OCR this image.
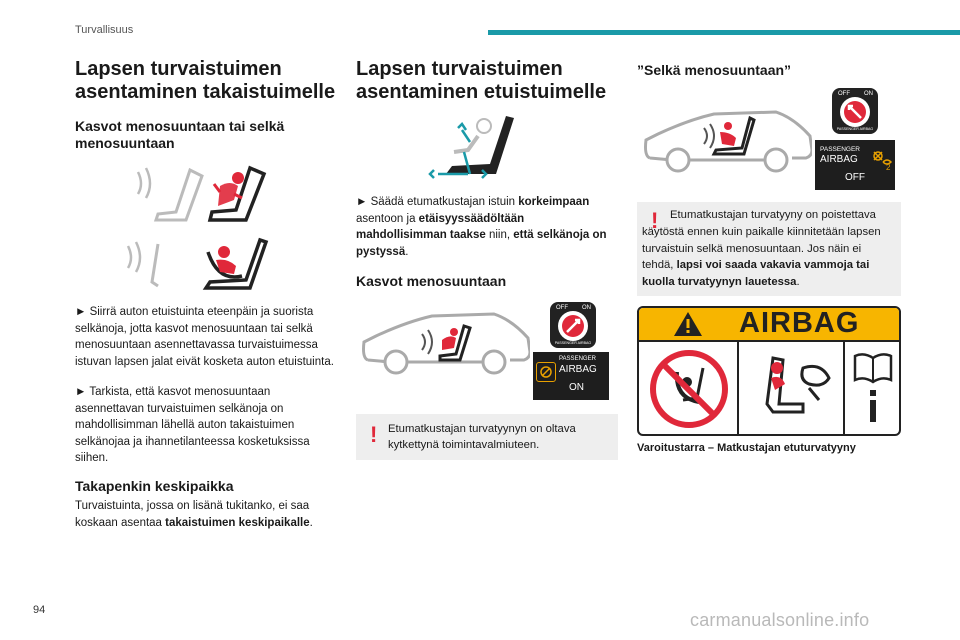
Turvallisuus
94	carmanualsonline.info
Lapsen turvaistuimen asentaminen takaistuimelle
Kasvot menosuuntaan tai selkä menosuuntaan
► Siirrä auton etuistuinta eteenpäin ja suorista selkänoja, jotta kasvot menosuuntaan tai selkä menosuuntaan asennettavassa turvaistuimessa istuvan lapsen jalat eivät kosketa auton etuistuinta.
► Tarkista, että kasvot menosuuntaan asennettavan turvaistuimen selkänoja on mahdollisimman lähellä auton takaistuimen selkänojaa ja ihannetilanteessa kosketuksissa siihen.
Takapenkin keskipaikka
Turvaistuinta, jossa on lisänä tukitanko, ei saa koskaan asentaa takaistuimen keskipaikalle.
Lapsen turvaistuimen asentaminen etuistuimelle
► Säädä etumatkustajan istuin korkeimpaan asentoon ja etäisyyssäädöltään mahdollisimman taakse niin, että selkänoja on pystyssä.
Kasvot menosuuntaan
OFF ON
PASSENGER AIRBAG
PASSENGER
AIRBAG
ON
! Etumatkustajan turvatyynyn on oltava kytkettynä toimintavalmiuteen.
”Selkä menosuuntaan”
OFF ON
PASSENGER AIRBAG
PASSENGER
AIRBAG
OFF
2
!	Etumatkustajan turvatyyny on poistettava käytöstä ennen kuin paikalle kiinnitetään lapsen turvaistuin selkä menosuuntaan. Jos näin ei tehdä, lapsi voi saada vakavia vammoja tai kuolla turvatyynyn lauetessa.
AIRBAG
Varoitustarra – Matkustajan etuturvatyyny
